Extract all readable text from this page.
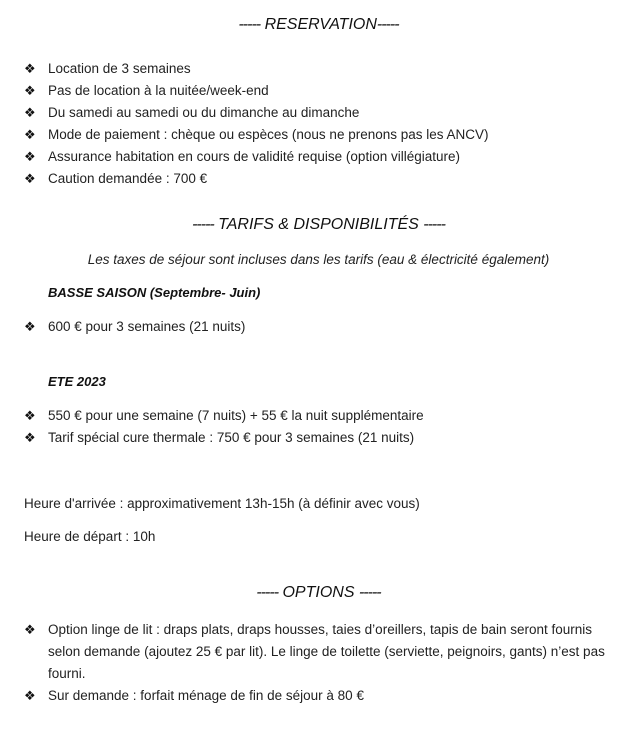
----- RESERVATION-----
❖ Location de 3 semaines
❖ Pas de location à la nuitée/week-end
❖ Du samedi au samedi ou du dimanche au dimanche
❖ Mode de paiement : chèque ou espèces (nous ne prenons pas les ANCV)
❖ Assurance habitation en cours de validité requise (option villégiature)
❖ Caution demandée : 700 €
----- TARIFS & DISPONIBILITÉS -----
Les taxes de séjour sont incluses dans les tarifs (eau & électricité également)
BASSE SAISON (Septembre- Juin)
❖ 600 € pour 3 semaines (21 nuits)
ETE 2023
❖ 550 € pour une semaine (7 nuits) + 55 € la nuit supplémentaire
❖ Tarif spécial cure thermale : 750 € pour 3 semaines (21 nuits)
Heure d'arrivée : approximativement 13h-15h (à définir avec vous)
Heure de départ : 10h
----- OPTIONS -----
❖ Option linge de lit : draps plats, draps housses, taies d’oreillers, tapis de bain seront fournis selon demande (ajoutez 25 € par lit). Le linge de toilette (serviette, peignoirs, gants) n’est pas fourni.
❖ Sur demande : forfait ménage de fin de séjour à 80 €
